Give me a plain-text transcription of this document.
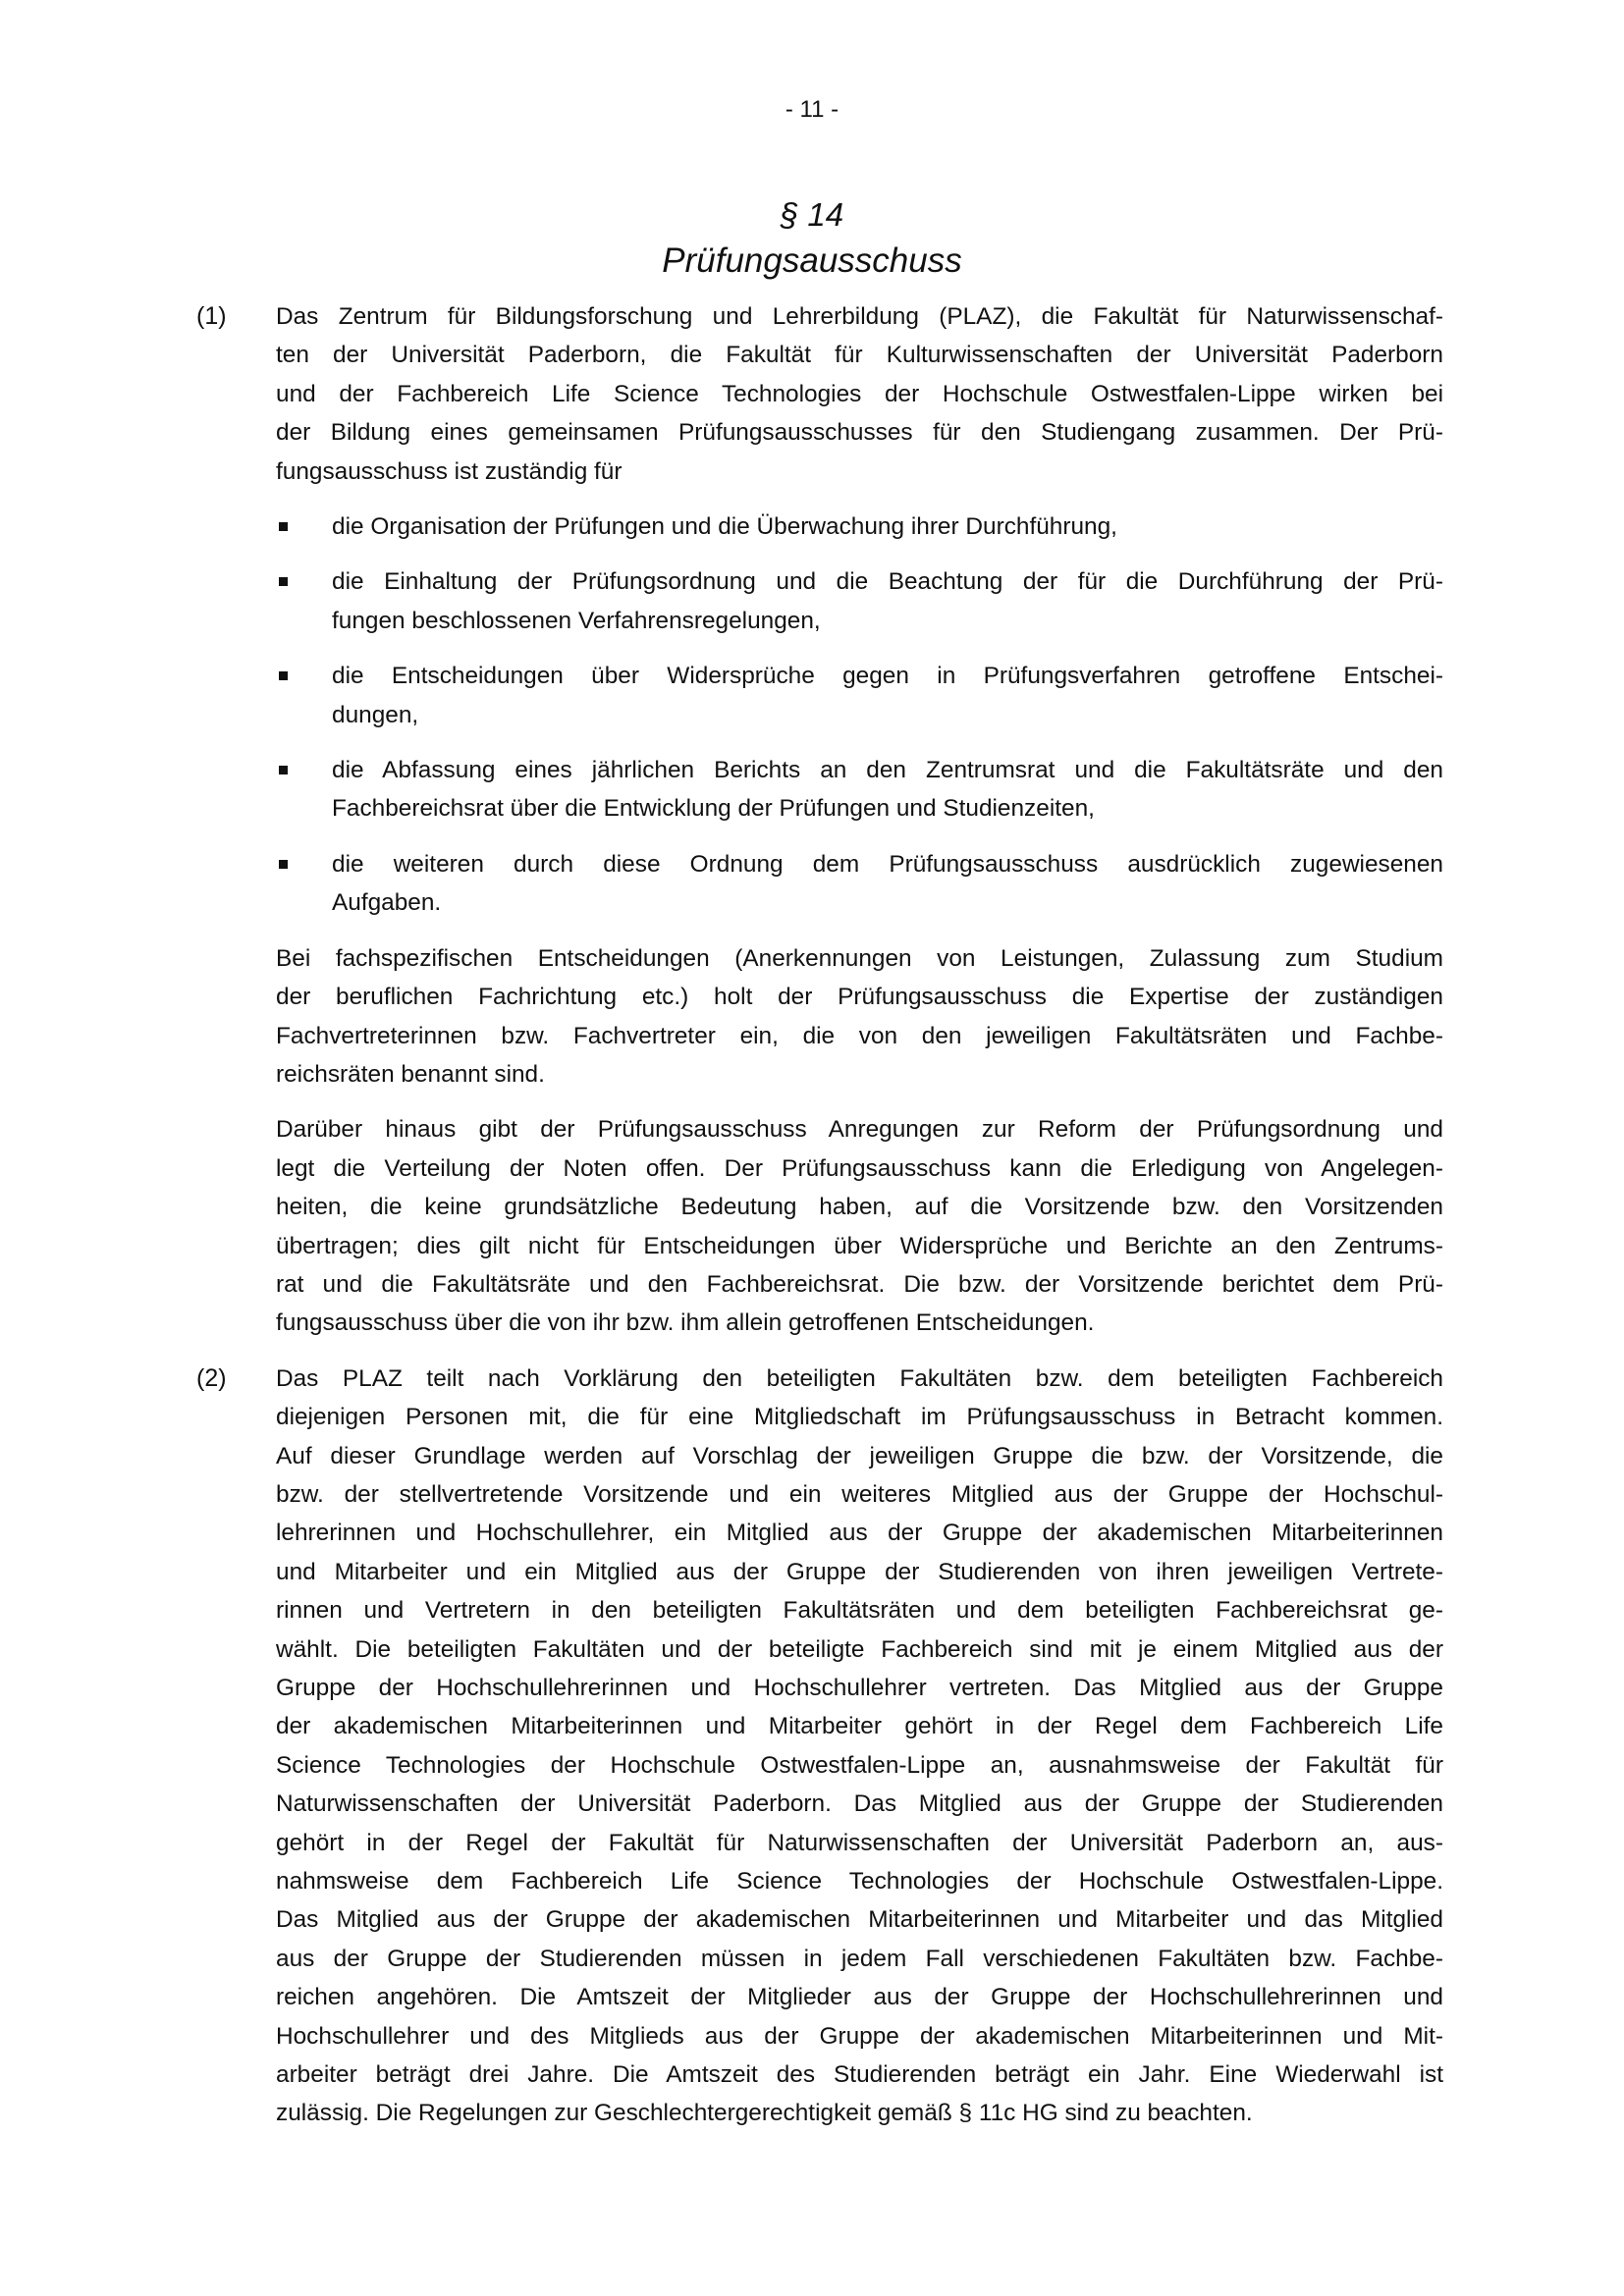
- 11 -
§ 14
Prüfungsausschuss
(1) Das Zentrum für Bildungsforschung und Lehrerbildung (PLAZ), die Fakultät für Naturwissenschaf-
ten der Universität Paderborn, die Fakultät für Kulturwissenschaften der Universität Paderborn
und der Fachbereich Life Science Technologies der Hochschule Ostwestfalen-Lippe wirken bei
der Bildung eines gemeinsamen Prüfungsausschusses für den Studiengang zusammen. Der Prü-
fungsausschuss ist zuständig für
die Organisation der Prüfungen und die Überwachung ihrer Durchführung,
die Einhaltung der Prüfungsordnung und die Beachtung der für die Durchführung der Prü-
fungen beschlossenen Verfahrensregelungen,
die Entscheidungen über Widersprüche gegen in Prüfungsverfahren getroffene Entschei-
dungen,
die Abfassung eines jährlichen Berichts an den Zentrumsrat und die Fakultätsräte und den
Fachbereichsrat über die Entwicklung der Prüfungen und Studienzeiten,
die weiteren durch diese Ordnung dem Prüfungsausschuss ausdrücklich zugewiesenen
Aufgaben.
Bei fachspezifischen Entscheidungen (Anerkennungen von Leistungen, Zulassung zum Studium
der beruflichen Fachrichtung etc.) holt der Prüfungsausschuss die Expertise der zuständigen
Fachvertreterinnen bzw. Fachvertreter ein, die von den jeweiligen Fakultätsräten und Fachbe-
reichsräten benannt sind.
Darüber hinaus gibt der Prüfungsausschuss Anregungen zur Reform der Prüfungsordnung und
legt die Verteilung der Noten offen. Der Prüfungsausschuss kann die Erledigung von Angelegen-
heiten, die keine grundsätzliche Bedeutung haben, auf die Vorsitzende bzw. den Vorsitzenden
übertragen; dies gilt nicht für Entscheidungen über Widersprüche und Berichte an den Zentrums-
rat und die Fakultätsräte und den Fachbereichsrat. Die bzw. der Vorsitzende berichtet dem Prü-
fungsausschuss über die von ihr bzw. ihm allein getroffenen Entscheidungen.
(2) Das PLAZ teilt nach Vorklärung den beteiligten Fakultäten bzw. dem beteiligten Fachbereich
diejenigen Personen mit, die für eine Mitgliedschaft im Prüfungsausschuss in Betracht kommen.
Auf dieser Grundlage werden auf Vorschlag der jeweiligen Gruppe die bzw. der Vorsitzende, die
bzw. der stellvertretende Vorsitzende und ein weiteres Mitglied aus der Gruppe der Hochschul-
lehrerinnen und Hochschullehrer, ein Mitglied aus der Gruppe der akademischen Mitarbeiterinnen
und Mitarbeiter und ein Mitglied aus der Gruppe der Studierenden von ihren jeweiligen Vertrete-
rinnen und Vertretern in den beteiligten Fakultätsräten und dem beteiligten Fachbereichsrat ge-
wählt. Die beteiligten Fakultäten und der beteiligte Fachbereich sind mit je einem Mitglied aus der
Gruppe der Hochschullehrerinnen und Hochschullehrer vertreten. Das Mitglied aus der Gruppe
der akademischen Mitarbeiterinnen und Mitarbeiter gehört in der Regel dem Fachbereich Life
Science Technologies der Hochschule Ostwestfalen-Lippe an, ausnahmsweise der Fakultät für
Naturwissenschaften der Universität Paderborn. Das Mitglied aus der Gruppe der Studierenden
gehört in der Regel der Fakultät für Naturwissenschaften der Universität Paderborn an, aus-
nahmsweise dem Fachbereich Life Science Technologies der Hochschule Ostwestfalen-Lippe.
Das Mitglied aus der Gruppe der akademischen Mitarbeiterinnen und Mitarbeiter und das Mitglied
aus der Gruppe der Studierenden müssen in jedem Fall verschiedenen Fakultäten bzw. Fachbe-
reichen angehören. Die Amtszeit der Mitglieder aus der Gruppe der Hochschullehrerinnen und
Hochschullehrer und des Mitglieds aus der Gruppe der akademischen Mitarbeiterinnen und Mit-
arbeiter beträgt drei Jahre. Die Amtszeit des Studierenden beträgt ein Jahr. Eine Wiederwahl ist
zulässig. Die Regelungen zur Geschlechtergerechtigkeit gemäß § 11c HG sind zu beachten.
